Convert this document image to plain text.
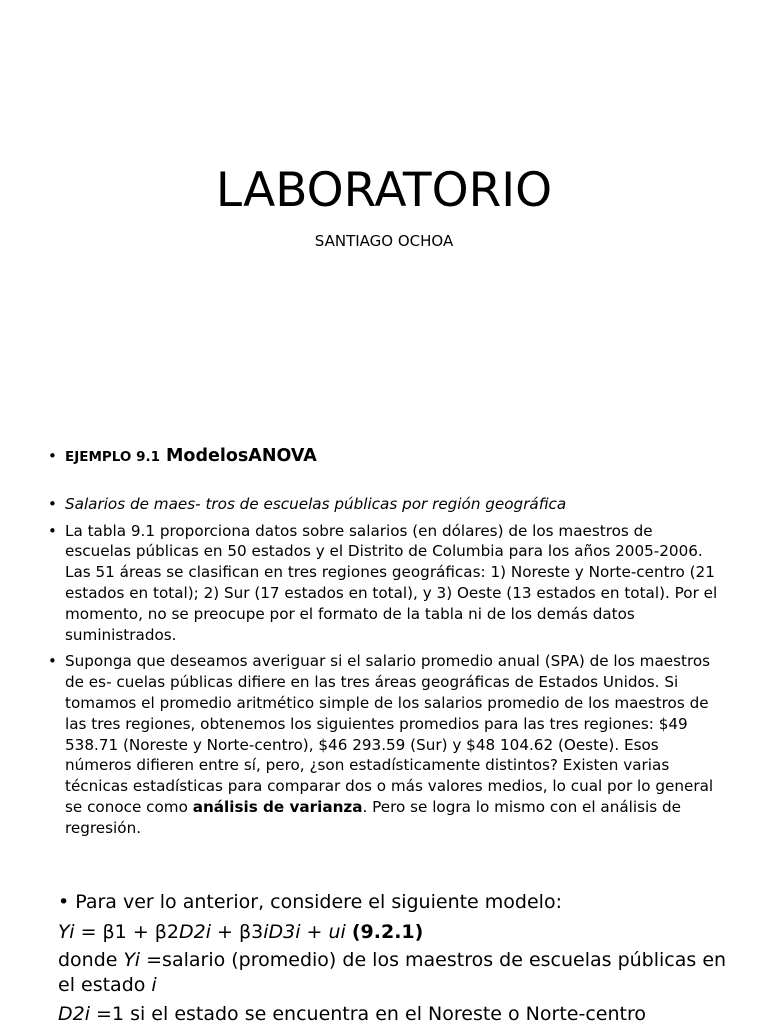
LABORATORIO
SANTIAGO OCHOA
• EJEMPLO 9.1 ModelosANOVA
• Salarios de maes- tros de escuelas públicas por región geográfica
• La tabla 9.1 proporciona datos sobre salarios (en dólares) de los maestros de escuelas públicas en 50 estados y el Distrito de Columbia para los años 2005-2006. Las 51 áreas se clasifican en tres regiones geográficas: 1) Noreste y Norte-centro (21 estados en total); 2) Sur (17 estados en total), y 3) Oeste (13 estados en total). Por el momento, no se preocupe por el formato de la tabla ni de los demás datos suministrados.
• Suponga que deseamos averiguar si el salario promedio anual (SPA) de los maestros de es- cuelas públicas difiere en las tres áreas geográficas de Estados Unidos. Si tomamos el promedio aritmético simple de los salarios promedio de los maestros de las tres regiones, obtenemos los siguientes promedios para las tres regiones: $49 538.71 (Noreste y Norte-centro), $46 293.59 (Sur) y $48 104.62 (Oeste). Esos números difieren entre sí, pero, ¿son estadísticamente distintos? Existen varias técnicas estadísticas para comparar dos o más valores medios, lo cual por lo general se conoce como análisis de varianza. Pero se logra lo mismo con el análisis de regresión.

• Para ver lo anterior, considere el siguiente modelo:

Yi = β1 + β2D2i + β3iD3i + ui (9.2.1)

donde Yi =salario (promedio) de los maestros de escuelas públicas en el estado i

D2i =1 si el estado se encuentra en el Noreste o Norte-centro
